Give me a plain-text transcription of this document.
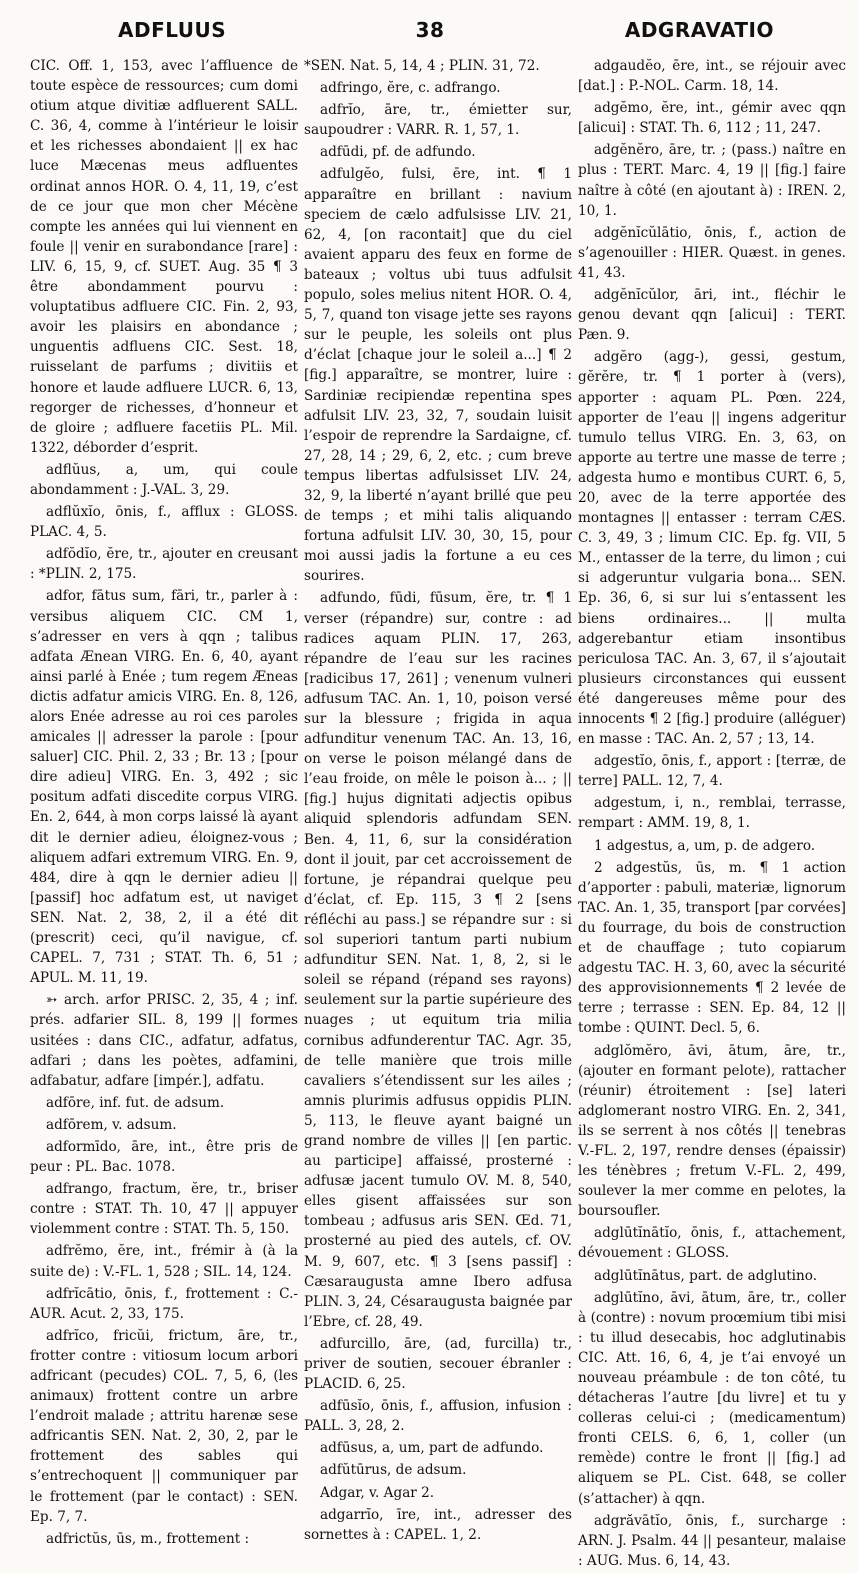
ADFLUUS	38	ADGRAVATIO

CIC. Off. 1, 153, avec l’affluence de toute espèce de ressources; cum domi otium atque divitiæ adfluerent SALL. C. 36, 4, comme à l’intérieur le loisir et les richesses abondaient || ex hac luce Mæcenas meus adfluentes ordinat annos HOR. O. 4, 11, 19, c’est de ce jour que mon cher Mécène compte les années qui lui viennent en foule || venir en surabondance [rare] : LIV. 6, 15, 9, cf. SUET. Aug. 35 ¶ 3 être abondamment pourvu : voluptatibus adfluere CIC. Fin. 2, 93, avoir les plaisirs en abondance ; unguentis adfluens CIC. Sest. 18, ruisselant de parfums ; divitiis et honore et laude adfluere LUCR. 6, 13, regorger de richesses, d’honneur et de gloire ; adfluere facetiis PL. Mil. 1322, déborder d’esprit.

adflŭus, a, um, qui coule abondamment : J.-VAL. 3, 29.

adflŭxĭo, ōnis, f., afflux : GLOSS. PLAC. 4, 5.

adfŏdĭo, ĕre, tr., ajouter en creusant : *PLIN. 2, 175.

adfor, fātus sum, fāri, tr., parler à : versibus aliquem CIC. CM 1, s’adresser en vers à qqn ; talibus adfata Ænean VIRG. En. 6, 40, ayant ainsi parlé à Enée ; tum regem Æneas dictis adfatur amicis VIRG. En. 8, 126, alors Enée adresse au roi ces paroles amicales || adresser la parole : [pour saluer] CIC. Phil. 2, 33 ; Br. 13 ; [pour dire adieu] VIRG. En. 3, 492 ; sic positum adfati discedite corpus VIRG. En. 2, 644, à mon corps laissé là ayant dit le dernier adieu, éloignez-vous ; aliquem adfari extremum VIRG. En. 9, 484, dire à qqn le dernier adieu || [passif] hoc adfatum est, ut naviget SEN. Nat. 2, 38, 2, il a été dit (prescrit) ceci, qu’il navigue, cf. CAPEL. 7, 731 ; STAT. Th. 6, 51 ; APUL. M. 11, 19.

➳ arch. arfor PRISC. 2, 35, 4 ; inf. prés. adfarier SIL. 8, 199 || formes usitées : dans CIC., adfatur, adfatus, adfari ; dans les poètes, adfamini, adfabatur, adfare [impér.], adfatu.

adfōre, inf. fut. de adsum.

adfōrem, v. adsum.

adformīdo, āre, int., être pris de peur : PL. Bac. 1078.

adfrango, fractum, ĕre, tr., briser contre : STAT. Th. 10, 47 || appuyer violemment contre : STAT. Th. 5, 150.

adfrĕmo, ĕre, int., frémir à (à la suite de) : V.-FL. 1, 528 ; SIL. 14, 124.

adfrĭcātio, ōnis, f., frottement : C.-AUR. Acut. 2, 33, 175.

adfrĭco, fricŭi, frictum, āre, tr., frotter contre : vitiosum locum arbori adfricant (pecudes) COL. 7, 5, 6, (les animaux) frottent contre un arbre l’endroit malade ; attritu harenæ sese adfricantis SEN. Nat. 2, 30, 2, par le frottement des sables qui s’entrechoquent || communiquer par le frottement (par le contact) : SEN. Ep. 7, 7.

adfrictŭs, ūs, m., frottement :

*SEN. Nat. 5, 14, 4 ; PLIN. 31, 72.

adfringo, ĕre, c. adfrango.

adfrĭo, āre, tr., émietter sur, saupoudrer : VARR. R. 1, 57, 1.

adfūdi, pf. de adfundo.

adfulgĕo, fulsi, ēre, int. ¶ 1 apparaître en brillant : navium speciem de cælo adfulsisse LIV. 21, 62, 4, [on racontait] que du ciel avaient apparu des feux en forme de bateaux ; voltus ubi tuus adfulsit populo, soles melius nitent HOR. O. 4, 5, 7, quand ton visage jette ses rayons sur le peuple, les soleils ont plus d’éclat [chaque jour le soleil a...] ¶ 2 [fig.] apparaître, se montrer, luire : Sardiniæ recipiendæ repentina spes adfulsit LIV. 23, 32, 7, soudain luisit l’espoir de reprendre la Sardaigne, cf. 27, 28, 14 ; 29, 6, 2, etc. ; cum breve tempus libertas adfulsisset LIV. 24, 32, 9, la liberté n’ayant brillé que peu de temps ; et mihi talis aliquando fortuna adfulsit LIV. 30, 30, 15, pour moi aussi jadis la fortune a eu ces sourires.

adfundo, fūdi, fūsum, ĕre, tr. ¶ 1 verser (répandre) sur, contre : ad radices aquam PLIN. 17, 263, répandre de l’eau sur les racines [radicibus 17, 261] ; venenum vulneri adfusum TAC. An. 1, 10, poison versé sur la blessure ; frigida in aqua adfunditur venenum TAC. An. 13, 16, on verse le poison mélangé dans de l’eau froide, on mêle le poison à... ; || [fig.] hujus dignitati adjectis opibus aliquid splendoris adfundam SEN. Ben. 4, 11, 6, sur la considération dont il jouit, par cet accroissement de fortune, je répandrai quelque peu d’éclat, cf. Ep. 115, 3 ¶ 2 [sens réfléchi au pass.] se répandre sur : si sol superiori tantum parti nubium adfunditur SEN. Nat. 1, 8, 2, si le soleil se répand (répand ses rayons) seulement sur la partie supérieure des nuages ; ut equitum tria milia cornibus adfunderentur TAC. Agr. 35, de telle manière que trois mille cavaliers s’étendissent sur les ailes ; amnis plurimis adfusus oppidis PLIN. 5, 113, le fleuve ayant baigné un grand nombre de villes || [en partic. au participe] affaissé, prosterné : adfusæ jacent tumulo OV. M. 8, 540, elles gisent affaissées sur son tombeau ; adfusus aris SEN. Œd. 71, prosterné au pied des autels, cf. OV. M. 9, 607, etc. ¶ 3 [sens passif] : Cæsaraugusta amne Ibero adfusa PLIN. 3, 24, Césaraugusta baignée par l’Ebre, cf. 28, 49.

adfurcillo, āre, (ad, furcilla) tr., priver de soutien, secouer ébranler : PLACID. 6, 25.

adfūsĭo, ōnis, f., affusion, infusion : PALL. 3, 28, 2.

adfūsus, a, um, part de adfundo.

adfŭtūrus, de adsum.

Adgar, v. Agar 2.

adgarrĭo, īre, int., adresser des sornettes à : CAPEL. 1, 2.

adgaudĕo, ēre, int., se réjouir avec [dat.] : P.-NOL. Carm. 18, 14.

adgĕmo, ĕre, int., gémir avec qqn [alicui] : STAT. Th. 6, 112 ; 11, 247.

adgĕnĕro, āre, tr. ; (pass.) naître en plus : TERT. Marc. 4, 19 || [fig.] faire naître à côté (en ajoutant à) : IREN. 2, 10, 1.

adgĕnĭcŭlātio, ōnis, f., action de s’agenouiller : HIER. Quæst. in genes. 41, 43.

adgĕnĭcŭlor, āri, int., fléchir le genou devant qqn [alicui] : TERT. Pæn. 9.

adgĕro (agg-), gessi, gestum, gĕrĕre, tr. ¶ 1 porter à (vers), apporter : aquam PL. Pœn. 224, apporter de l’eau || ingens adgeritur tumulo tellus VIRG. En. 3, 63, on apporte au tertre une masse de terre ; adgesta humo e montibus CURT. 6, 5, 20, avec de la terre apportée des montagnes || entasser : terram CÆS. C. 3, 49, 3 ; limum CIC. Ep. fg. VII, 5 M., entasser de la terre, du limon ; cui si adgeruntur vulgaria bona... SEN. Ep. 36, 6, si sur lui s’entassent les biens ordinaires... || multa adgerebantur etiam insontibus periculosa TAC. An. 3, 67, il s’ajoutait plusieurs circonstances qui eussent été dangereuses même pour des innocents ¶ 2 [fig.] produire (alléguer) en masse : TAC. An. 2, 57 ; 13, 14.

adgestĭo, ōnis, f., apport : [terræ, de terre] PALL. 12, 7, 4.

adgestum, i, n., remblai, terrasse, rempart : AMM. 19, 8, 1.

1 adgestus, a, um, p. de adgero.

2 adgestŭs, ūs, m. ¶ 1 action d’apporter : pabuli, materiæ, lignorum TAC. An. 1, 35, transport [par corvées] du fourrage, du bois de construction et de chauffage ; tuto copiarum adgestu TAC. H. 3, 60, avec la sécurité des approvisionnements ¶ 2 levée de terre ; terrasse : SEN. Ep. 84, 12 || tombe : QUINT. Decl. 5, 6.

adglŏmĕro, āvi, ātum, āre, tr., (ajouter en formant pelote), rattacher (réunir) étroitement : [se] lateri adglomerant nostro VIRG. En. 2, 341, ils se serrent à nos côtés || tenebras V.-FL. 2, 197, rendre denses (épaissir) les ténèbres ; fretum V.-FL. 2, 499, soulever la mer comme en pelotes, la boursoufler.

adglūtĭnātĭo, ōnis, f., attachement, dévouement : GLOSS.

adglūtĭnātus, part. de adglutino.

adglūtĭno, āvi, ātum, āre, tr., coller à (contre) : novum proœmium tibi misi : tu illud desecabis, hoc adglutinabis CIC. Att. 16, 6, 4, je t’ai envoyé un nouveau préambule : de ton côté, tu détacheras l’autre [du livre] et tu y colleras celui-ci ; (medicamentum) fronti CELS. 6, 6, 1, coller (un remède) contre le front || [fig.] ad aliquem se PL. Cist. 648, se coller (s’attacher) à qqn.

adgrăvātĭo, ōnis, f., surcharge : ARN. J. Psalm. 44 || pesanteur, malaise : AUG. Mus. 6, 14, 43.
